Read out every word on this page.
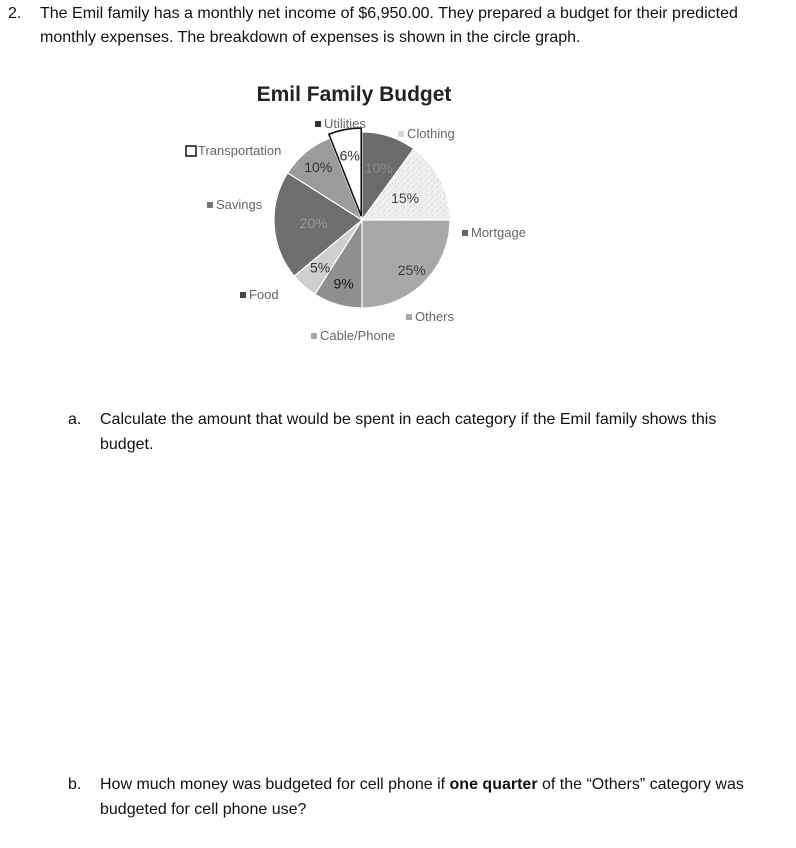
2. The Emil family has a monthly net income of $6,950.00. They prepared a budget for their predicted monthly expenses. The breakdown of expenses is shown in the circle graph.
Emil Family Budget
10%
15%
25%
9%
5%
20%
10%
6%
Utilities
Clothing
Transportation
Savings
Mortgage
Food
Others
Cable/Phone
a. Calculate the amount that would be spent in each category if the Emil family shows this budget.
b. How much money was budgeted for cell phone if one quarter of the “Others” category was budgeted for cell phone use?
